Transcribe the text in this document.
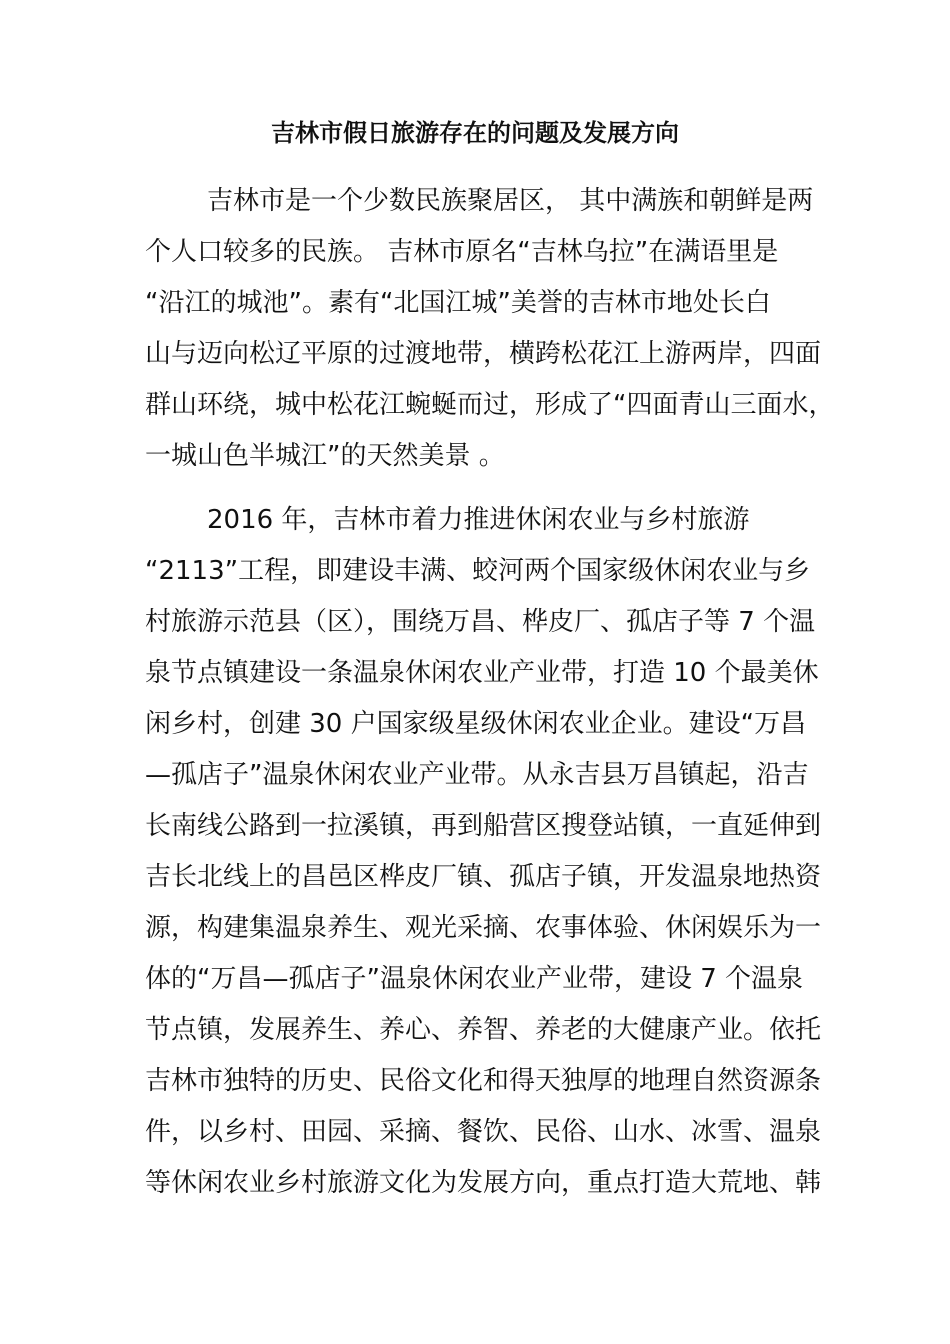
吉林市假日旅游存在的问题及发展方向
吉林市是一个少数民族聚居区， 其中满族和朝鲜是两
个人口较多的民族。 吉林市原名“吉林乌拉”在满语里是
“沿江的城池”。素有“北国江城”美誉的吉林市地处长白
山与迈向松辽平原的过渡地带，横跨松花江上游两岸，四面
群山环绕，城中松花江蜿蜒而过，形成了“四面青山三面水，
一城山色半城江”的天然美景 。
2016 年，吉林市着力推进休闲农业与乡村旅游
“2113”工程，即建设丰满、蛟河两个国家级休闲农业与乡
村旅游示范县（区），围绕万昌、桦皮厂、孤店子等 7 个温
泉节点镇建设一条温泉休闲农业产业带，打造 10 个最美休
闲乡村，创建 30 户国家级星级休闲农业企业。建设“万昌
—孤店子”温泉休闲农业产业带。从永吉县万昌镇起，沿吉
长南线公路到一拉溪镇，再到船营区搜登站镇，一直延伸到
吉长北线上的昌邑区桦皮厂镇、孤店子镇，开发温泉地热资
源，构建集温泉养生、观光采摘、农事体验、休闲娱乐为一
体的“万昌—孤店子”温泉休闲农业产业带，建设 7 个温泉
节点镇，发展养生、养心、养智、养老的大健康产业。依托
吉林市独特的历史、民俗文化和得天独厚的地理自然资源条
件，以乡村、田园、采摘、餐饮、民俗、山水、冰雪、温泉
等休闲农业乡村旅游文化为发展方向，重点打造大荒地、韩
